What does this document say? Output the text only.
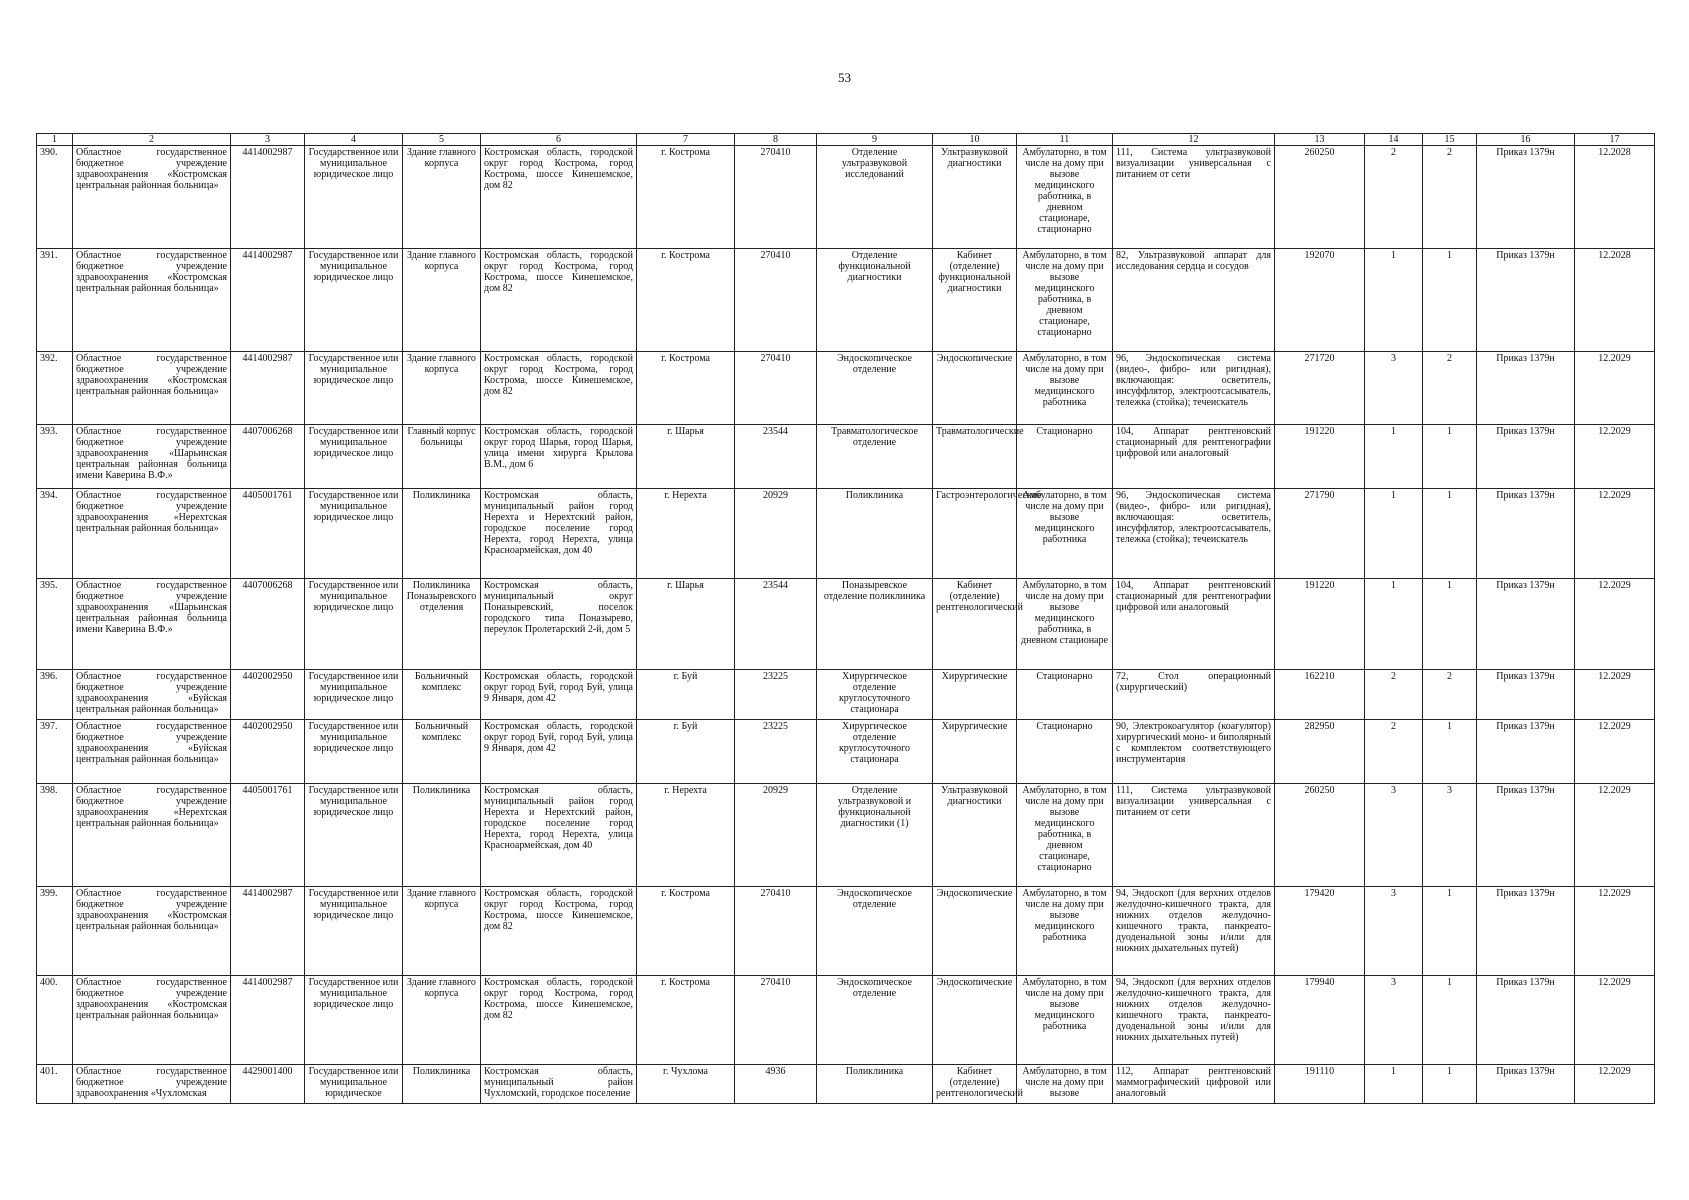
53
1	2	3	4	5	6	7	8	9	10	11	12	13	14	15	16	17
390.	Областное государственное бюджетное учреждение здравоохранения «Костромская центральная районная больница»	4414002987	Государственное или муниципальное юридическое лицо	Здание главного корпуса	Костромская область, городской округ город Кострома, город Кострома, шоссе Кинешемское, дом 82	г. Кострома	270410	Отделение ультразвуковой исследований	Ультразвуковой диагностики	Амбулаторно, в том числе на дому при вызове медицинского работника, в дневном стационаре, стационарно	111, Система ультразвуковой визуализации универсальная с питанием от сети	260250	2	2	Приказ 1379н	12.2028
391.	Областное государственное бюджетное учреждение здравоохранения «Костромская центральная районная больница»	4414002987	Государственное или муниципальное юридическое лицо	Здание главного корпуса	Костромская область, городской округ город Кострома, город Кострома, шоссе Кинешемское, дом 82	г. Кострома	270410	Отделение функциональной диагностики	Кабинет (отделение) функциональной диагностики	Амбулаторно, в том числе на дому при вызове медицинского работника, в дневном стационаре, стационарно	82, Ультразвуковой аппарат для исследования сердца и сосудов	192070	1	1	Приказ 1379н	12.2028
392.	Областное государственное бюджетное учреждение здравоохранения «Костромская центральная районная больница»	4414002987	Государственное или муниципальное юридическое лицо	Здание главного корпуса	Костромская область, городской округ город Кострома, город Кострома, шоссе Кинешемское, дом 82	г. Кострома	270410	Эндоскопическое отделение	Эндоскопические	Амбулаторно, в том числе на дому при вызове медицинского работника	96, Эндоскопическая система (видео-, фибро- или ригидная), включающая: осветитель, инсуффлятор, электроотсасыватель, тележка (стойка); течеискатель	271720	3	2	Приказ 1379н	12.2029
393.	Областное государственное бюджетное учреждение здравоохранения «Шарьинская центральная районная больница имени Каверина В.Ф.»	4407006268	Государственное или муниципальное юридическое лицо	Главный корпус больницы	Костромская область, городской округ город Шарья, город Шарья, улица имени хирурга Крылова В.М., дом 6	г. Шарья	23544	Травматологическое отделение	Травматологические	Стационарно	104, Аппарат рентгеновский стационарный для рентгенографии цифровой или аналоговый	191220	1	1	Приказ 1379н	12.2029
394.	Областное государственное бюджетное учреждение здравоохранения «Нерехтская центральная районная больница»	4405001761	Государственное или муниципальное юридическое лицо	Поликлиника	Костромская область, муниципальный район город Нерехта и Нерехтский район, городское поселение город Нерехта, город Нерехта, улица Красноармейская, дом 40	г. Нерехта	20929	Поликлиника	Гастроэнтерологические	Амбулаторно, в том числе на дому при вызове медицинского работника	96, Эндоскопическая система (видео-, фибро- или ригидная), включающая: осветитель, инсуффлятор, электроотсасыватель, тележка (стойка); течеискатель	271790	1	1	Приказ 1379н	12.2029
395.	Областное государственное бюджетное учреждение здравоохранения «Шарьинская центральная районная больница имени Каверина В.Ф.»	4407006268	Государственное или муниципальное юридическое лицо	Поликлиника Поназыревского отделения	Костромская область, муниципальный округ Поназыревский, поселок городского типа Поназырево, переулок Пролетарский 2-й, дом 5	г. Шарья	23544	Поназыревское отделение поликлиника	Кабинет (отделение) рентгенологический	Амбулаторно, в том числе на дому при вызове медицинского работника, в дневном стационаре	104, Аппарат рентгеновский стационарный для рентгенографии цифровой или аналоговый	191220	1	1	Приказ 1379н	12.2029
396.	Областное государственное бюджетное учреждение здравоохранения «Буйская центральная районная больница»	4402002950	Государственное или муниципальное юридическое лицо	Больничный комплекс	Костромская область, городской округ город Буй, город Буй, улица 9 Января, дом 42	г. Буй	23225	Хирургическое отделение круглосуточного стационара	Хирургические	Стационарно	72, Стол операционный (хирургический)	162210	2	2	Приказ 1379н	12.2029
397.	Областное государственное бюджетное учреждение здравоохранения «Буйская центральная районная больница»	4402002950	Государственное или муниципальное юридическое лицо	Больничный комплекс	Костромская область, городской округ город Буй, город Буй, улица 9 Января, дом 42	г. Буй	23225	Хирургическое отделение круглосуточного стационара	Хирургические	Стационарно	90, Электрокоагулятор (коагулятор) хирургический моно- и биполярный с комплектом соответствующего инструментария	282950	2	1	Приказ 1379н	12.2029
398.	Областное государственное бюджетное учреждение здравоохранения «Нерехтская центральная районная больница»	4405001761	Государственное или муниципальное юридическое лицо	Поликлиника	Костромская область, муниципальный район город Нерехта и Нерехтский район, городское поселение город Нерехта, город Нерехта, улица Красноармейская, дом 40	г. Нерехта	20929	Отделение ультразвуковой и функциональной диагностики (1)	Ультразвуковой диагностики	Амбулаторно, в том числе на дому при вызове медицинского работника, в дневном стационаре, стационарно	111, Система ультразвуковой визуализации универсальная с питанием от сети	260250	3	3	Приказ 1379н	12.2029
399.	Областное государственное бюджетное учреждение здравоохранения «Костромская центральная районная больница»	4414002987	Государственное или муниципальное юридическое лицо	Здание главного корпуса	Костромская область, городской округ город Кострома, город Кострома, шоссе Кинешемское, дом 82	г. Кострома	270410	Эндоскопическое отделение	Эндоскопические	Амбулаторно, в том числе на дому при вызове медицинского работника	94, Эндоскоп (для верхних отделов желудочно-кишечного тракта, для нижних отделов желудочно-кишечного тракта, панкреато-дуоденальной зоны и/или для нижних дыхательных путей)	179420	3	1	Приказ 1379н	12.2029
400.	Областное государственное бюджетное учреждение здравоохранения «Костромская центральная районная больница»	4414002987	Государственное или муниципальное юридическое лицо	Здание главного корпуса	Костромская область, городской округ город Кострома, город Кострома, шоссе Кинешемское, дом 82	г. Кострома	270410	Эндоскопическое отделение	Эндоскопические	Амбулаторно, в том числе на дому при вызове медицинского работника	94, Эндоскоп (для верхних отделов желудочно-кишечного тракта, для нижних отделов желудочно-кишечного тракта, панкреато-дуоденальной зоны и/или для нижних дыхательных путей)	179940	3	1	Приказ 1379н	12.2029
401.	Областное государственное бюджетное учреждение здравоохранения «Чухломская	4429001400	Государственное или муниципальное юридическое	Поликлиника	Костромская область, муниципальный район Чухломский, городское поселение	г. Чухлома	4936	Поликлиника	Кабинет (отделение) рентгенологический	Амбулаторно, в том числе на дому при вызове	112, Аппарат рентгеновский маммографический цифровой или аналоговый	191110	1	1	Приказ 1379н	12.2029
